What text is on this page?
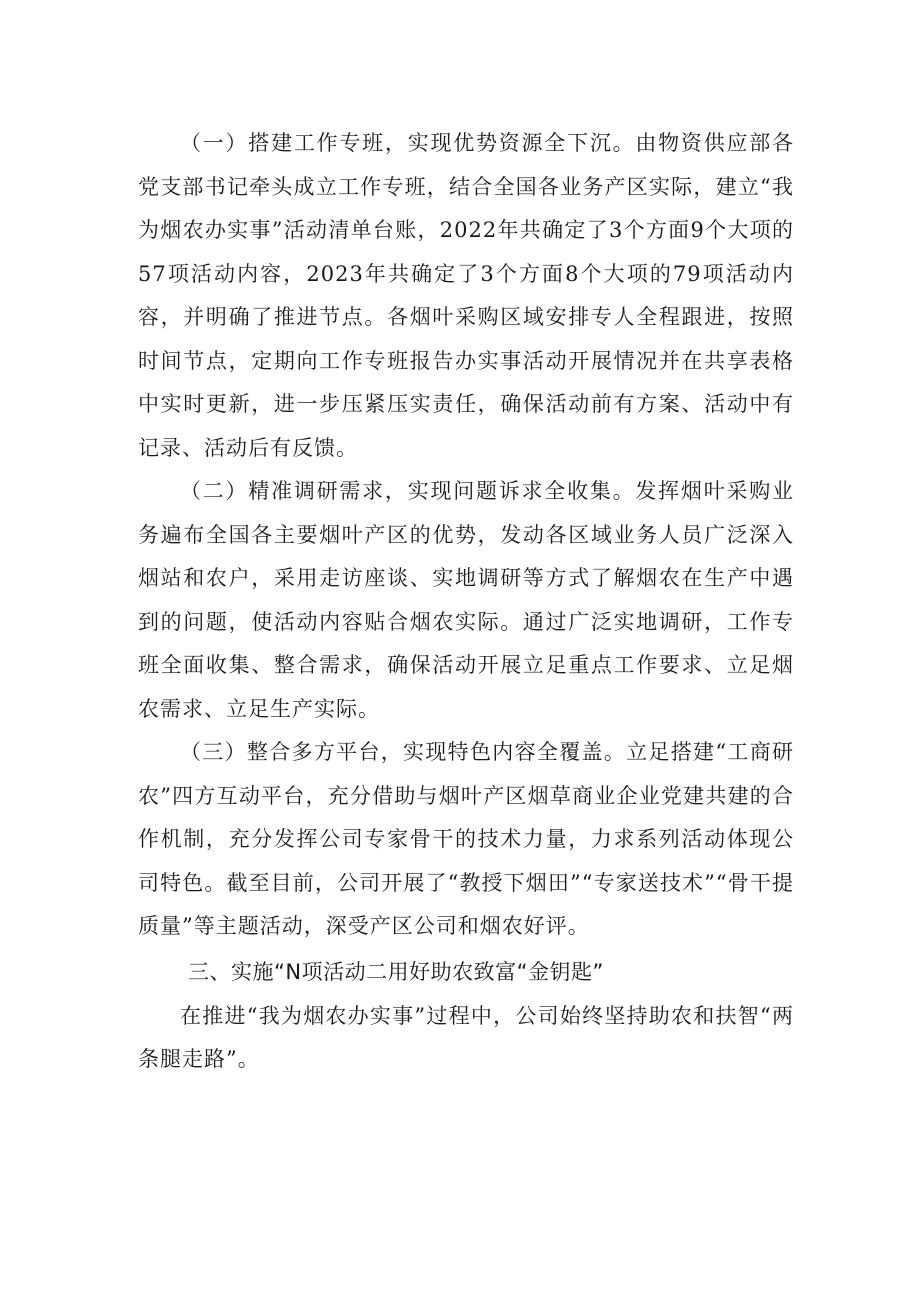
（一）搭建工作专班，实现优势资源全下沉。由物资供应部各党支部书记牵头成立工作专班，结合全国各业务产区实际，建立“我为烟农办实事”活动清单台账，2022年共确定了3个方面9个大项的57项活动内容，2023年共确定了3个方面8个大项的79项活动内容，并明确了推进节点。各烟叶采购区域安排专人全程跟进，按照时间节点，定期向工作专班报告办实事活动开展情况并在共享表格中实时更新，进一步压紧压实责任，确保活动前有方案、活动中有记录、活动后有反馈。

（二）精准调研需求，实现问题诉求全收集。发挥烟叶采购业务遍布全国各主要烟叶产区的优势，发动各区域业务人员广泛深入烟站和农户，采用走访座谈、实地调研等方式了解烟农在生产中遇到的问题，使活动内容贴合烟农实际。通过广泛实地调研，工作专班全面收集、整合需求，确保活动开展立足重点工作要求、立足烟农需求、立足生产实际。

（三）整合多方平台，实现特色内容全覆盖。立足搭建“工商研农”四方互动平台，充分借助与烟叶产区烟草商业企业党建共建的合作机制，充分发挥公司专家骨干的技术力量，力求系列活动体现公司特色。截至目前，公司开展了“教授下烟田”“专家送技术”“骨干提质量”等主题活动，深受产区公司和烟农好评。

三、实施“N项活动二用好助农致富“金钥匙”

在推进“我为烟农办实事”过程中，公司始终坚持助农和扶智“两条腿走路”。
